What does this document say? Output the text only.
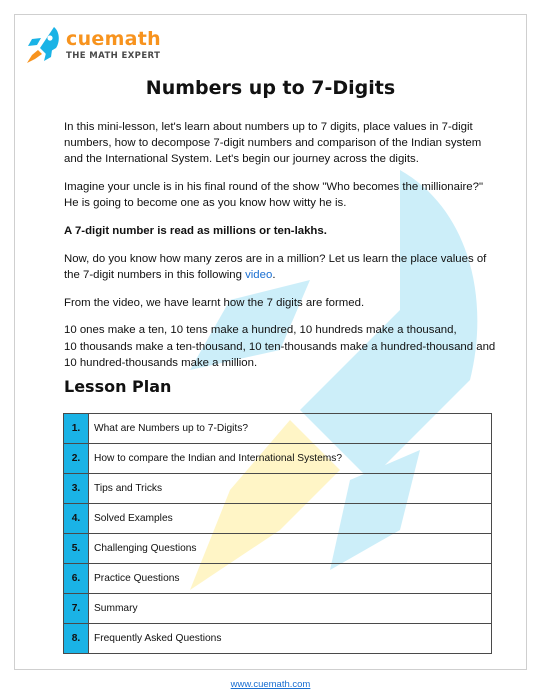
cuemath
THE MATH EXPERT
Numbers up to 7-Digits

In this mini-lesson, let's learn about numbers up to 7 digits, place values in 7-digit numbers, how to decompose 7-digit numbers and comparison of the Indian system and the International System. Let's begin our journey across the digits.

Imagine your uncle is in his final round of the show "Who becomes the millionaire?" He is going to become one as you know how witty he is.

A 7-digit number is read as millions or ten-lakhs.

Now, do you know how many zeros are in a million? Let us learn the place values of the 7-digit numbers in this following video.

From the video, we have learnt how the 7 digits are formed.

10 ones make a ten, 10 tens make a hundred, 10 hundreds make a thousand,
10 thousands make a ten-thousand, 10 ten-thousands make a hundred-thousand and 10 hundred-thousands make a million.

Lesson Plan
1.	What are Numbers up to 7-Digits?
2.	How to compare the Indian and International Systems?
3.	Tips and Tricks
4.	Solved Examples
5.	Challenging Questions
6.	Practice Questions
7.	Summary
8.	Frequently Asked Questions
www.cuemath.com
